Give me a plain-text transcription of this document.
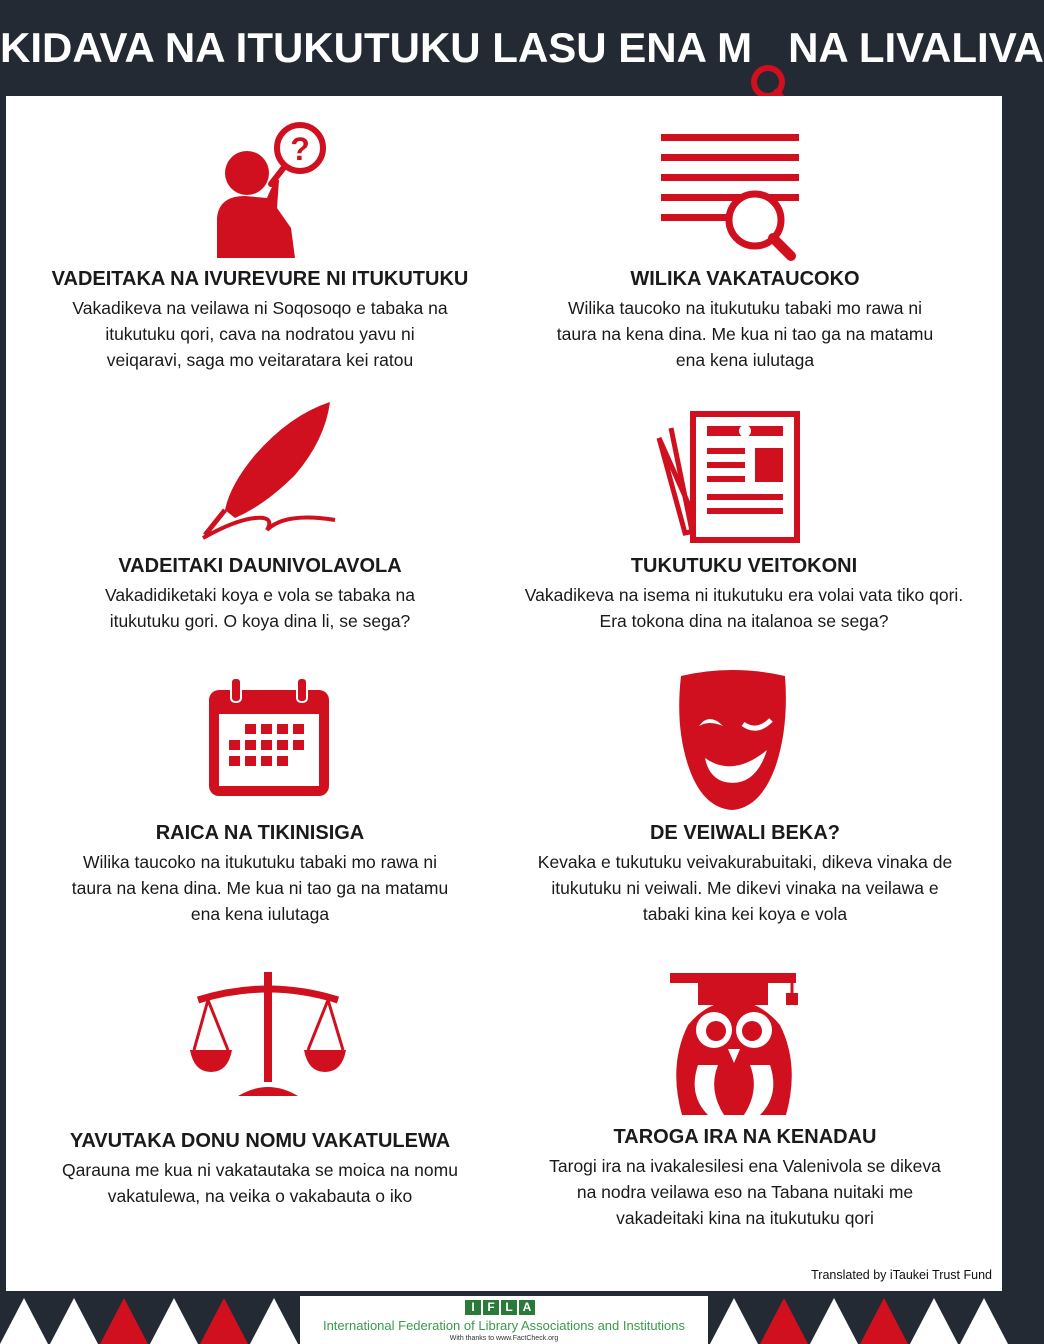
KIDAVA NA ITUKUTUKU LASU ENA M NA LIVALIVA
?
VADEITAKA NA IVUREVURE NI ITUKUTUKU

Vakadikeva na veilawa ni Soqosoqo e tabaka na
itukutuku qori, cava na nodratou yavu ni
veiqaravi, saga mo veitaratara kei ratou

WILIKA VAKATAUCOKO

Wilika taucoko na itukutuku tabaki mo rawa ni
taura na kena dina. Me kua ni tao ga na matamu
ena kena iulutaga

VADEITAKI DAUNIVOLAVOLA

Vakadidiketaki koya e vola se tabaka na
itukutuku gori. O koya dina li, se sega?

TUKUTUKU VEITOKONI

Vakadikeva na isema ni itukutuku era volai vata tiko qori.
Era tokona dina na italanoa se sega?

RAICA NA TIKINISIGA

Wilika taucoko na itukutuku tabaki mo rawa ni
taura na kena dina. Me kua ni tao ga na matamu
ena kena iulutaga

DE VEIWALI BEKA?

Kevaka e tukutuku veivakurabuitaki, dikeva vinaka de
itukutuku ni veiwali. Me dikevi vinaka na veilawa e
tabaki kina kei koya e vola

YAVUTAKA DONU NOMU VAKATULEWA

Qarauna me kua ni vakatautaka se moica na nomu
vakatulewa, na veika o vakabauta o iko

TAROGA IRA NA KENADAU

Tarogi ira na ivakalesilesi ena Valenivola se dikeva
na nodra veilawa eso na Tabana nuitaki me
vakadeitaki kina na itukutuku qori

Translated by iTaukei Trust Fund
I	F L A
International Federation of Library Associations and Institutions
With thanks to www.FactCheck.org
